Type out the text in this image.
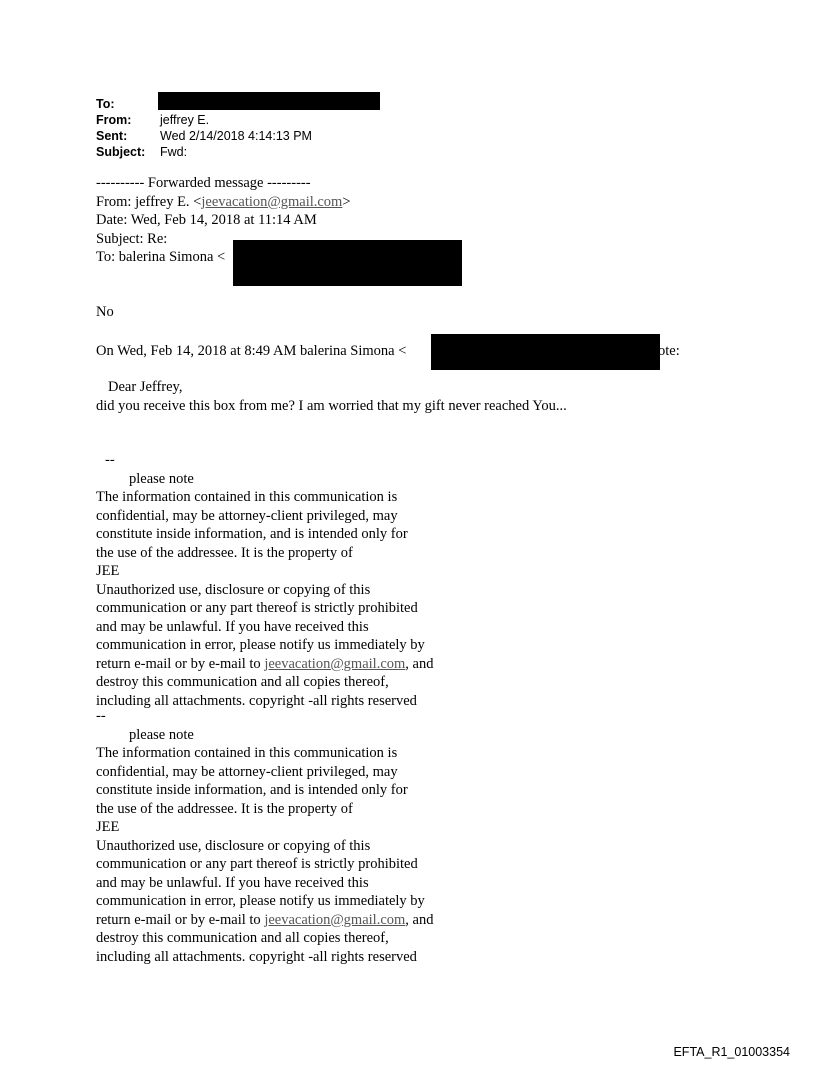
To:
From:	jeffrey E.
Sent:	Wed 2/14/2018 4:14:13 PM
Subject:	Fwd:
---------- Forwarded message ---------
From: jeffrey E. <jeevacation@gmail.com>
Date: Wed, Feb 14, 2018 at 11:14 AM
Subject: Re:
To: balerina Simona <
No
On Wed, Feb 14, 2018 at 8:49 AM balerina Simona <	ote:
Dear Jeffrey,
did you receive this box from me? I am worried that my gift never reached You...
--
please note
The information contained in this communication is
confidential, may be attorney-client privileged, may
constitute inside information, and is intended only for
the use of the addressee. It is the property of
JEE
Unauthorized use, disclosure or copying of this
communication or any part thereof is strictly prohibited
and may be unlawful. If you have received this
communication in error, please notify us immediately by
return e-mail or by e-mail to jeevacation@gmail.com, and
destroy this communication and all copies thereof,
including all attachments. copyright -all rights reserved
--
please note
The information contained in this communication is
confidential, may be attorney-client privileged, may
constitute inside information, and is intended only for
the use of the addressee. It is the property of
JEE
Unauthorized use, disclosure or copying of this
communication or any part thereof is strictly prohibited
and may be unlawful. If you have received this
communication in error, please notify us immediately by
return e-mail or by e-mail to jeevacation@gmail.com, and
destroy this communication and all copies thereof,
including all attachments. copyright -all rights reserved
EFTA_R1_01003354
